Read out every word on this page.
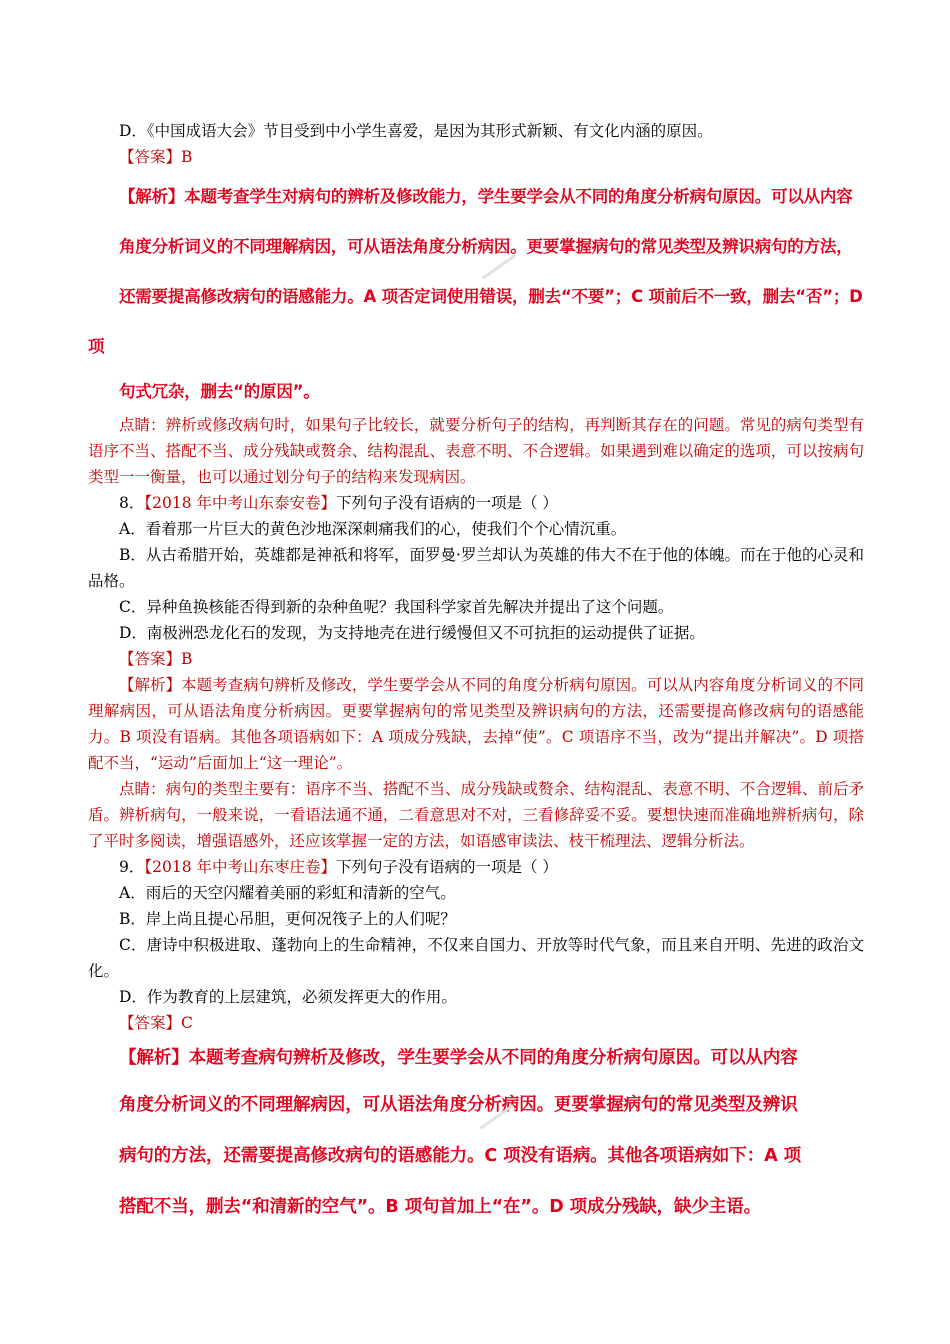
D．《中国成语大会》节目受到中小学生喜爱，是因为其形式新颖、有文化内涵的原因。

【答案】B

【解析】本题考查学生对病句的辨析及修改能力，学生要学会从不同的角度分析病句原因。可以从内容

角度分析词义的不同理解病因，可从语法角度分析病因。更要掌握病句的常见类型及辨识病句的方法，

还需要提高修改病句的语感能力。A 项否定词使用错误，删去“不要”；C 项前后不一致，删去“否”；D 项

句式冗杂，删去“的原因”。

点睛：辨析或修改病句时，如果句子比较长，就要分析句子的结构，再判断其存在的问题。常见的病句类型有语序不当、搭配不当、成分残缺或赘余、结构混乱、表意不明、不合逻辑。如果遇到难以确定的选项，可以按病句类型一一衡量，也可以通过划分句子的结构来发现病因。

8．【2018 年中考山东泰安卷】下列句子没有语病的一项是（ ）

A．看着那一片巨大的黄色沙地深深刺痛我们的心，使我们个个心情沉重。

B．从古希腊开始，英雄都是神祇和将军，面罗曼·罗兰却认为英雄的伟大不在于他的体魄。而在于他的心灵和品格。

C．异种鱼换核能否得到新的杂种鱼呢？我国科学家首先解决并提出了这个问题。

D．南极洲恐龙化石的发现，为支持地壳在进行缓慢但又不可抗拒的运动提供了证据。

【答案】B

【解析】本题考查病句辨析及修改，学生要学会从不同的角度分析病句原因。可以从内容角度分析词义的不同理解病因，可从语法角度分析病因。更要掌握病句的常见类型及辨识病句的方法，还需要提高修改病句的语感能力。B 项没有语病。其他各项语病如下：A 项成分残缺，去掉“使”。C 项语序不当，改为“提出并解决”。D 项搭配不当，“运动”后面加上“这一理论”。

点睛：病句的类型主要有：语序不当、搭配不当、成分残缺或赘余、结构混乱、表意不明、不合逻辑、前后矛盾。辨析病句，一般来说，一看语法通不通，二看意思对不对，三看修辞妥不妥。要想快速而准确地辨析病句，除了平时多阅读，增强语感外，还应该掌握一定的方法，如语感审读法、枝干梳理法、逻辑分析法。

9．【2018 年中考山东枣庄卷】下列句子没有语病的一项是（ ）

A．雨后的天空闪耀着美丽的彩虹和清新的空气。

B．岸上尚且提心吊胆，更何况筏子上的人们呢？

C．唐诗中积极进取、蓬勃向上的生命精神，不仅来自国力、开放等时代气象，而且来自开明、先进的政治文化。

D．作为教育的上层建筑，必须发挥更大的作用。

【答案】C

【解析】本题考查病句辨析及修改，学生要学会从不同的角度分析病句原因。可以从内容

角度分析词义的不同理解病因，可从语法角度分析病因。更要掌握病句的常见类型及辨识

病句的方法，还需要提高修改病句的语感能力。C 项没有语病。其他各项语病如下：A 项

搭配不当，删去“和清新的空气”。B 项句首加上“在”。D 项成分残缺，缺少主语。
